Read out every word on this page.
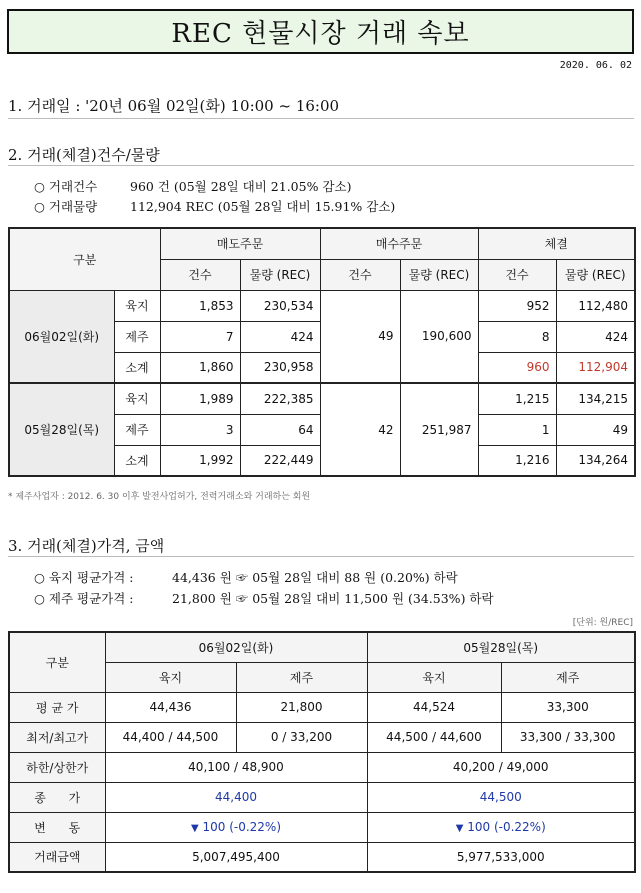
REC 현물시장 거래 속보
2020. 06. 02
1. 거래일 : '20년 06월 02일(화) 10:00 ~ 16:00
2. 거래(체결)건수/물량
○ 거래건수	960 건 (05월 28일 대비 21.05% 감소)
○ 거래물량	112,904 REC (05월 28일 대비 15.91% 감소)
구분		매도주문		매수주문		체결	
		건수	물량 (REC)	건수	물량 (REC)	건수	물량 (REC)
06월02일(화)	육지	1,853	230,534	49	190,600	952	112,480
	제주	7	424			8	424
	소계	1,860	230,958			960	112,904
05월28일(목)	육지	1,989	222,385	42	251,987	1,215	134,215
	제주	3	64			1	49
	소계	1,992	222,449			1,216	134,264
* 제주사업자 : 2012. 6. 30 이후 발전사업허가, 전력거래소와 거래하는 회원
3. 거래(체결)가격, 금액
○ 육지 평균가격 :	44,436 원 ☞ 05월 28일 대비 88 원 (0.20%) 하락
○ 제주 평균가격 :	21,800 원 ☞ 05월 28일 대비 11,500 원 (34.53%) 하락
[단위: 원/REC]
구분	06월02일(화)		05월28일(목)	
	육지	제주	육지	제주
평 균 가	44,436	21,800	44,524	33,300
최저/최고가	44,400 / 44,500	0 / 33,200	44,500 / 44,600	33,300 / 33,300
하한/상한가	40,100 / 48,900		40,200 / 49,000	
종      가	44,400		44,500	
변      동	▼ 100 (-0.22%)		▼ 100 (-0.22%)	
거래금액	5,007,495,400		5,977,533,000	
